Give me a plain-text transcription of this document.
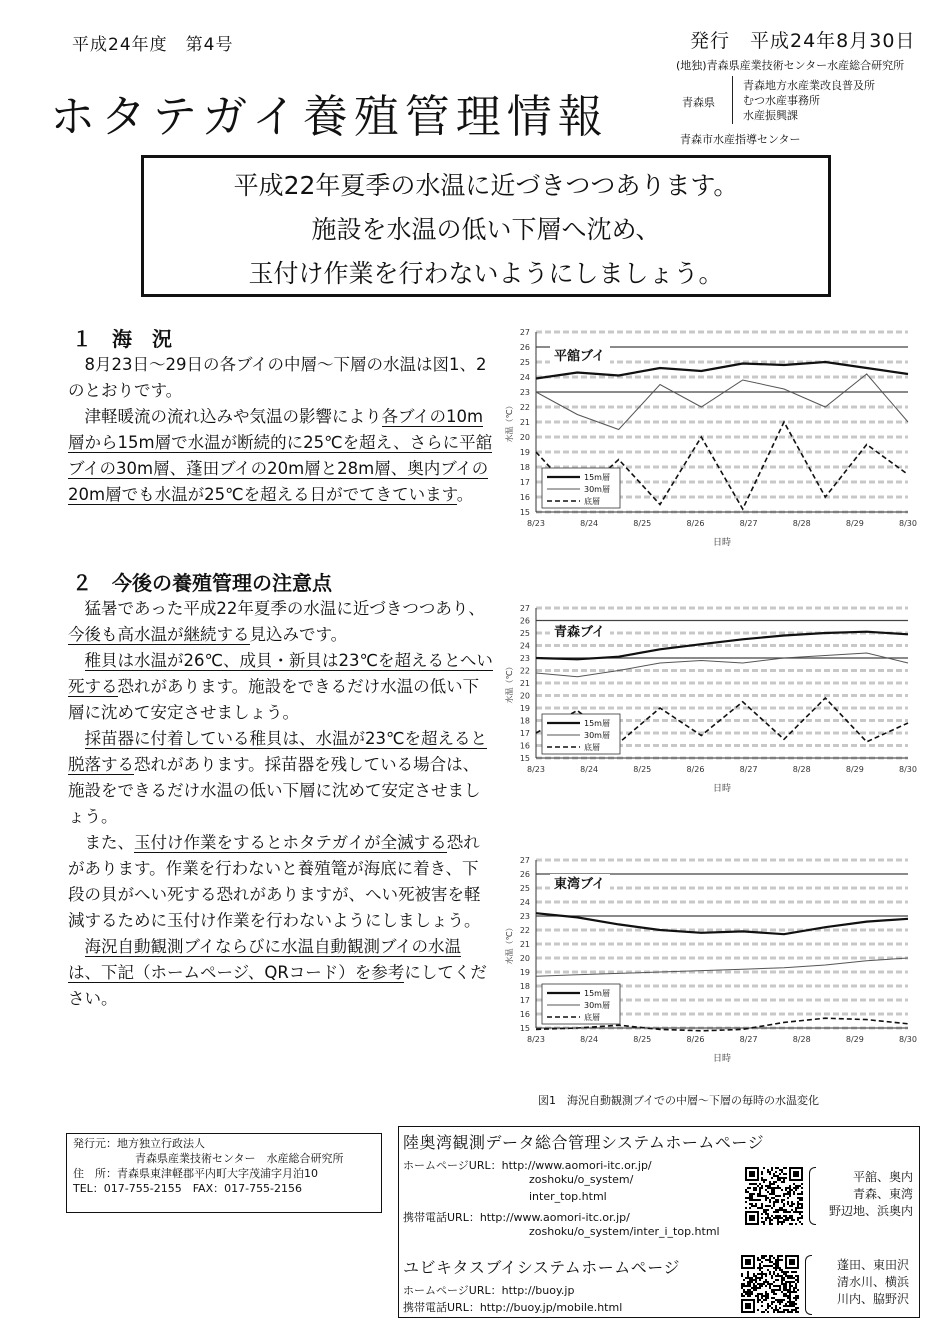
平成24年度　第4号	発行　平成24年8月30日
(地独)青森県産業技術センター水産総合研究所
ホタテガイ養殖管理情報	青森県
青森地方水産業改良普及所
むつ水産事務所
水産振興課
青森市水産指導センター
平成22年夏季の水温に近づきつつあります。
施設を水温の低い下層へ沈め、
玉付け作業を行わないようにしましょう。

１　海　況

8月23日～29日の各ブイの中層～下層の水温は図1、2のとおりです。

津軽暖流の流れ込みや気温の影響により各ブイの10m層から15m層で水温が断続的に25℃を超え、さらに平舘ブイの30m層、蓬田ブイの20m層と28m層、奥内ブイの20m層でも水温が25℃を超える日がでてきています。

２　今後の養殖管理の注意点

猛暑であった平成22年夏季の水温に近づきつつあり、今後も高水温が継続する見込みです。

稚貝は水温が26℃、成貝・新貝は23℃を超えるとへい死する恐れがあります。施設をできるだけ水温の低い下層に沈めて安定させましょう。

採苗器に付着している稚貝は、水温が23℃を超えると脱落する恐れがあります。採苗器を残している場合は、施設をできるだけ水温の低い下層に沈めて安定させましょう。

また、玉付け作業をするとホタテガイが全滅する恐れがあります。作業を行わないと養殖篭が海底に着き、下段の貝がへい死する恐れがありますが、へい死被害を軽減するために玉付け作業を行わないようにしましょう。

海況自動観測ブイならびに水温自動観測ブイの水温は、下記（ホームページ、QRコード）を参考にしてください。

15
16
17
18
19
20
21
22
23
24
25
26
27
8/23	8/24	8/25	8/26	8/27	8/28	8/29	8/30
日時
水温（℃）
平舘ブイ
15m層
30m層
底層
15
16
17
18
19
20
21
22
23
24
25
26
27
8/23	8/24	8/25	8/26	8/27	8/28	8/29	8/30
日時
水温（℃）
青森ブイ
15m層
30m層
底層
15
16
17
18
19
20
21
22
23
24
25
26
27
8/23	8/24	8/25	8/26	8/27	8/28	8/29	8/30
日時
水温（℃）
東湾ブイ
15m層
30m層
底層
図1　海況自動観測ブイでの中層～下層の毎時の水温変化
発行元：地方独立行政法人
青森県産業技術センター　水産総合研究所
住　所：青森県東津軽郡平内町大字茂浦字月泊10
TEL：017-755-2155　FAX：017-755-2156
陸奥湾観測データ総合管理システムホームページ
ホームページURL：http://www.aomori-itc.or.jp/
zoshoku/o_system/
inter_top.html
携帯電話URL：http://www.aomori-itc.or.jp/
zoshoku/o_system/inter_i_top.html
平舘、奥内
青森、東湾
野辺地、浜奥内
ユビキタスブイシステムホームページ
ホームページURL：http://buoy.jp
携帯電話URL：http://buoy.jp/mobile.html
蓬田、東田沢
清水川、横浜
川内、脇野沢
